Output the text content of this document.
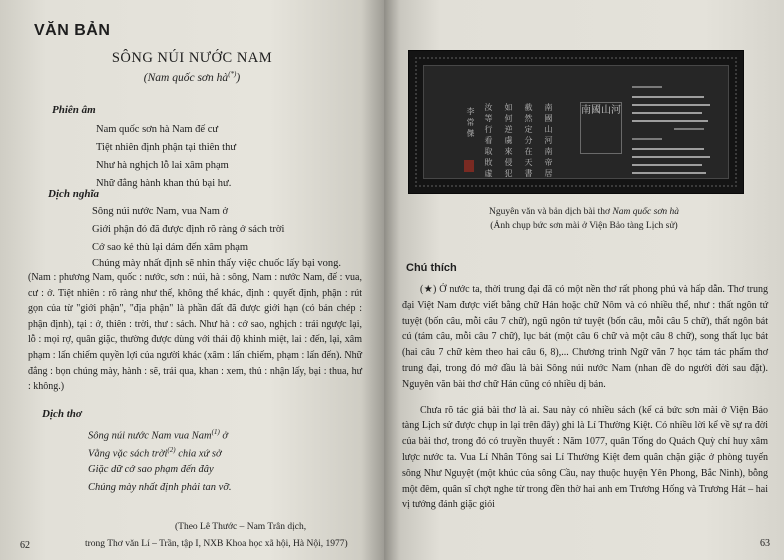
VĂN BẢN
SÔNG NÚI NƯỚC NAM
(Nam quốc sơn hà(*))
Phiên âm
Nam quốc sơn hà Nam đế cư
Tiệt nhiên định phận tại thiên thư
Như hà nghịch lỗ lai xâm phạm
Nhữ đẳng hành khan thủ bại hư.
Dịch nghĩa
Sông núi nước Nam, vua Nam ở
Giới phận đó đã được định rõ ràng ở sách trời
Cớ sao kẻ thù lại dám đến xâm phạm
Chúng mày nhất định sẽ nhìn thấy việc chuốc lấy bại vong.

(Nam : phương Nam, quốc : nước, sơn : núi, hà : sông, Nam : nước Nam, đế : vua, cư : ở. Tiệt nhiên : rõ ràng như thế, không thể khác, định : quyết định, phận : rút gọn của từ "giới phận", "địa phận" là phần đất đã được giới hạn (có bản chép : phận định), tại : ở, thiên : trời, thư : sách. Như hà : cớ sao, nghịch : trái ngược lại, lỗ : mọi rợ, quân giặc, thường được dùng với thái độ khinh miệt, lai : đến, lại, xâm phạm : lấn chiếm quyền lợi của người khác (xâm : lấn chiếm, phạm : lấn đến). Nhữ đẳng : bọn chúng mày, hành : sẽ, trải qua, khan : xem, thủ : nhận lấy, bại : thua, hư : không.)

Dịch thơ
Sông núi nước Nam vua Nam$^{(1)}$ ở
Vằng vặc sách trời$^{(2)}$ chia xứ sở
Giặc dữ cớ sao phạm đến đây
Chúng mày nhất định phải tan vỡ.
(Theo Lê Thước – Nam Trân dịch,
trong Thơ văn Lí – Trần, tập I, NXB Khoa học xã hội, Hà Nội, 1977)
62
南國山河南帝居
截然定分在天書
如何逆虜來侵犯
汝等行看取敗虛
李常傑
南國山河
Nguyên văn và bản dịch bài thơ Nam quốc sơn hà
(Ảnh chụp bức sơn mài ở Viện Bảo tàng Lịch sử)
Chú thích

(★) Ở nước ta, thời trung đại đã có một nền thơ rất phong phú và hấp dẫn. Thơ trung đại Việt Nam được viết bằng chữ Hán hoặc chữ Nôm và có nhiều thể, như : thất ngôn tứ tuyệt (bốn câu, mỗi câu 7 chữ), ngũ ngôn tứ tuyệt (bốn câu, mỗi câu 5 chữ), thất ngôn bát cú (tám câu, mỗi câu 7 chữ), lục bát (một câu 6 chữ và một câu 8 chữ), song thất lục bát (hai câu 7 chữ kèm theo hai câu 6, 8),... Chương trình Ngữ văn 7 học tám tác phẩm thơ trung đại, trong đó mở đầu là bài Sông núi nước Nam (nhan đề do người đời sau đặt). Nguyên văn bài thơ chữ Hán cũng có nhiều dị bản.

Chưa rõ tác giả bài thơ là ai. Sau này có nhiều sách (kể cả bức sơn mài ở Viện Bảo tàng Lịch sử được chụp in lại trên đây) ghi là Lí Thường Kiệt. Có nhiều lời kể về sự ra đời của bài thơ, trong đó có truyền thuyết : Năm 1077, quân Tống do Quách Quỳ chỉ huy xâm lược nước ta. Vua Lí Nhân Tông sai Lí Thường Kiệt đem quân chặn giặc ở phòng tuyến sông Như Nguyệt (một khúc của sông Cầu, nay thuộc huyện Yên Phong, Bắc Ninh), bỗng một đêm, quân sĩ chợt nghe từ trong đền thờ hai anh em Trương Hống và Trương Hát – hai vị tướng đánh giặc giỏi

63
